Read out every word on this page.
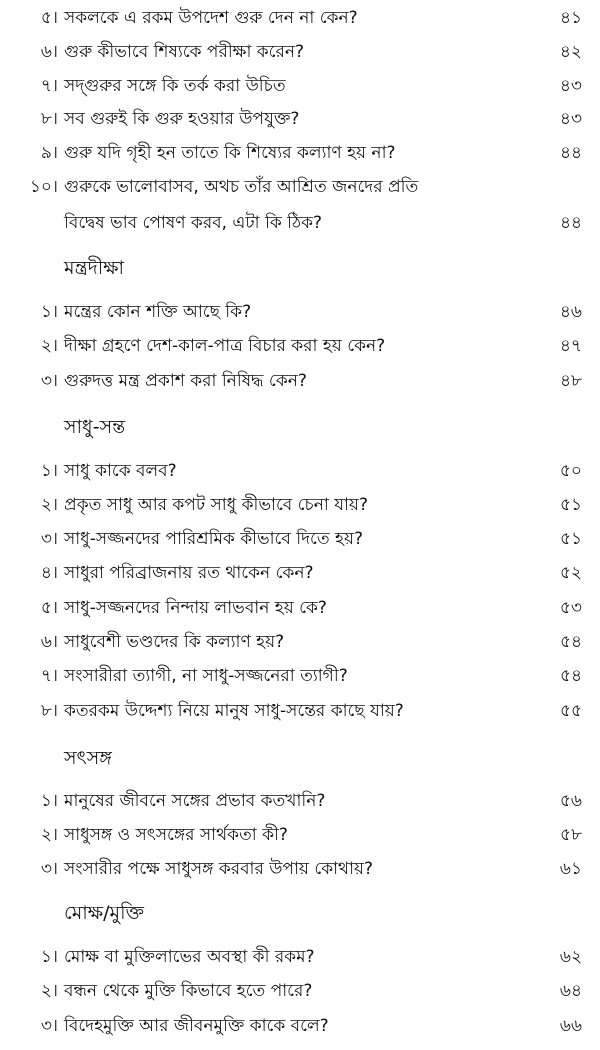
৫। সকলকে এ রকম উপদেশ গুরু দেন না কেন?	৪১
৬। গুরু কীভাবে শিষ্যকে পরীক্ষা করেন?	৪২
৭। সদ্গুরুর সঙ্গে কি তর্ক করা উচিত	৪৩
৮। সব গুরুই কি গুরু হওয়ার উপযুক্ত?	৪৩
৯। গুরু যদি গৃহী হন তাতে কি শিষ্যের কল্যাণ হয় না?	৪৪
১০। গুরুকে ভালোবাসব, অথচ তাঁর আশ্রিত জনদের প্রতি
বিদ্বেষ ভাব পোষণ করব, এটা কি ঠিক?	৪৪
মন্ত্রদীক্ষা
১। মন্ত্রের কোন শক্তি আছে কি?	৪৬
২। দীক্ষা গ্রহণে দেশ-কাল-পাত্র বিচার করা হয় কেন?	৪৭
৩। গুরুদত্ত মন্ত্র প্রকাশ করা নিষিদ্ধ কেন?	৪৮
সাধু-সন্ত
১। সাধু কাকে বলব?	৫০
২। প্রকৃত সাধু আর কপট সাধু কীভাবে চেনা যায়?	৫১
৩। সাধু-সজ্জনদের পারিশ্রমিক কীভাবে দিতে হয়?	৫১
৪। সাধুরা পরিব্রাজনায় রত থাকেন কেন?	৫২
৫। সাধু-সজ্জনদের নিন্দায় লাভবান হয় কে?	৫৩
৬। সাধুবেশী ভণ্ডদের কি কল্যাণ হয়?	৫৪
৭। সংসারীরা ত্যাগী, না সাধু-সজ্জনেরা ত্যাগী?	৫৪
৮। কতরকম উদ্দেশ্য নিয়ে মানুষ সাধু-সন্তের কাছে যায়?	৫৫
সৎসঙ্গ
১। মানুষের জীবনে সঙ্গের প্রভাব কতখানি?	৫৬
২। সাধুসঙ্গ ও সৎসঙ্গের সার্থকতা কী?	৫৮
৩। সংসারীর পক্ষে সাধুসঙ্গ করবার উপায় কোথায়?	৬১
মোক্ষ/মুক্তি
১। মোক্ষ বা মুক্তিলাভের অবস্থা কী রকম?	৬২
২। বন্ধন থেকে মুক্তি কিভাবে হতে পারে?	৬৪
৩। বিদেহমুক্তি আর জীবনমুক্তি কাকে বলে?	৬৬
